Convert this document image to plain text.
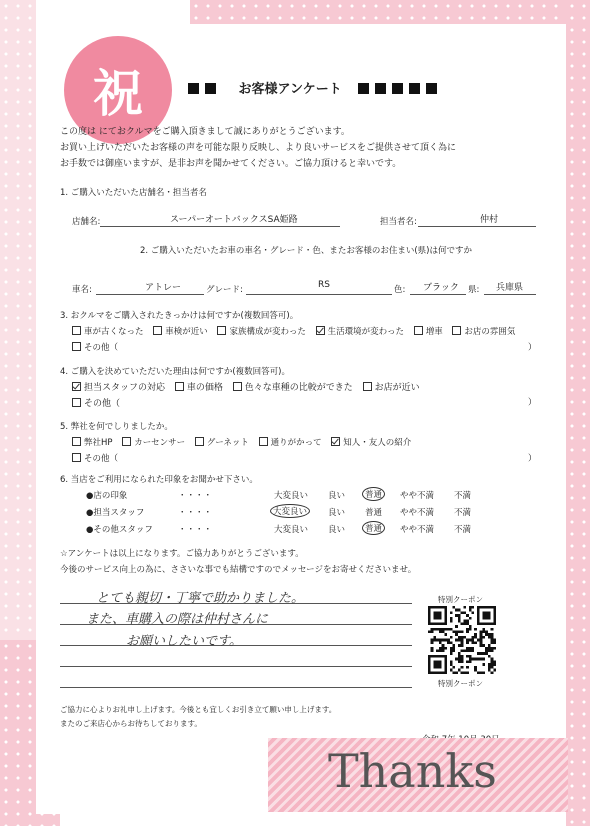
祝	お客様アンケート
この度は にておクルマをご購入頂きまして誠にありがとうございます。
お買い上げいただいたお客様の声を可能な限り反映し、より良いサービスをご提供させて頂く為に
お手数では御座いますが、是非お声を聞かせてください。ご協力頂けると幸いです。
1. ご購入いただいた店舗名・担当者名
店舗名:	スーパーオートバックスSA姫路	担当者名:	仲村
2. ご購入いただいたお車の車名・グレード・色、またお客様のお住まい(県)は何ですか
車名:	アトレー	グレード:	RS	色: ブラック 県: 兵庫県
3. おクルマをご購入されたきっかけは何ですか(複数回答可)。
車が古くなった	車検が近い	家族構成が変わった	生活環境が変わった	増車	お店の雰囲気
その他（	）
4. ご購入を決めていただいた理由は何ですか(複数回答可)。
担当スタッフの対応 車の価格 色々な車種の比較ができた お店が近い
その他（	）
5. 弊社を何でしりましたか。
弊社HP	カーセンサー	グーネット	通りがかって	知人・友人の紹介
その他（	）
6. 当店をご利用になられた印象をお聞かせ下さい。
●店の印象	・・・・	大変良い 良い	普通	やや不満 不満
●担当スタッフ	・・・・	大変良い	良い 普通 やや不満 不満
●その他スタッフ	・・・・	大変良い 良い	普通	やや不満 不満
☆アンケートは以上になります。ご協力ありがとうございます。
今後のサービス向上の為に、ささいな事でも結構ですのでメッセージをお寄せくださいませ。
とても親切・丁寧で助かりました。
また、車購入の際は仲村さんに
お願いしたいです。
特別クーポン
特別クーポン
ご協力に心よりお礼申し上げます。今後とも宜しくお引き立て願い申し上げます。
またのご来店心からお待ちしております。
Thanks
